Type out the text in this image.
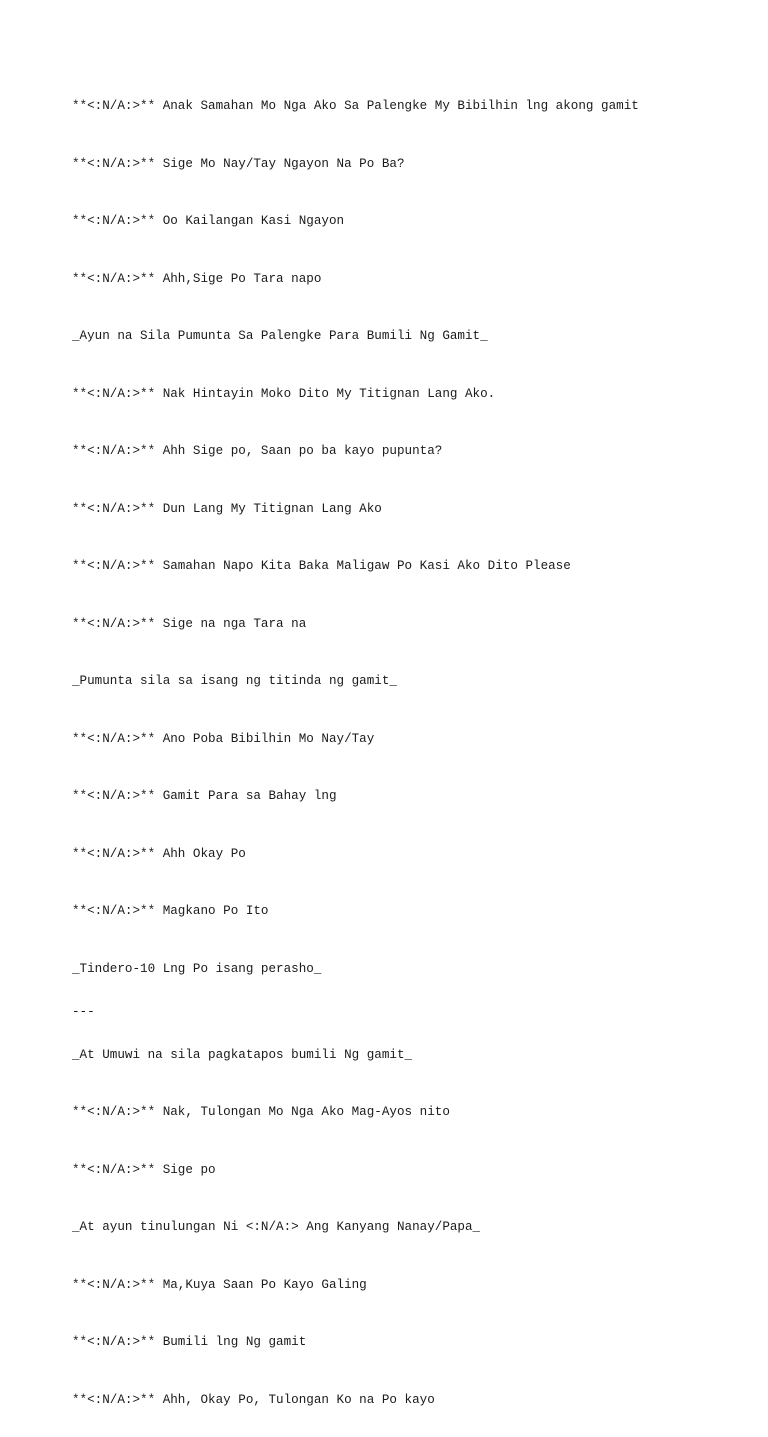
**<:N/A:>** Anak Samahan Mo Nga Ako Sa Palengke My Bibilhin lng akong gamit

**<:N/A:>** Sige Mo Nay/Tay Ngayon Na Po Ba?

**<:N/A:>** Oo Kailangan Kasi Ngayon

**<:N/A:>** Ahh,Sige Po Tara napo

_Ayun na Sila Pumunta Sa Palengke Para Bumili Ng Gamit_

**<:N/A:>** Nak Hintayin Moko Dito My Titignan Lang Ako.

**<:N/A:>** Ahh Sige po, Saan po ba kayo pupunta?

**<:N/A:>** Dun Lang My Titignan Lang Ako

**<:N/A:>** Samahan Napo Kita Baka Maligaw Po Kasi Ako Dito Please

**<:N/A:>** Sige na nga Tara na

_Pumunta sila sa isang ng titinda ng gamit_

**<:N/A:>** Ano Poba Bibilhin Mo Nay/Tay

**<:N/A:>** Gamit Para sa Bahay lng

**<:N/A:>** Ahh Okay Po

**<:N/A:>** Magkano Po Ito

_Tindero-10 Lng Po isang perasho_

---

_At Umuwi na sila pagkatapos bumili Ng gamit_

**<:N/A:>** Nak, Tulongan Mo Nga Ako Mag-Ayos nito

**<:N/A:>** Sige po

_At ayun tinulungan Ni <:N/A:> Ang Kanyang Nanay/Papa_

**<:N/A:>** Ma,Kuya Saan Po Kayo Galing

**<:N/A:>** Bumili lng Ng gamit

**<:N/A:>** Ahh, Okay Po, Tulongan Ko na Po kayo
